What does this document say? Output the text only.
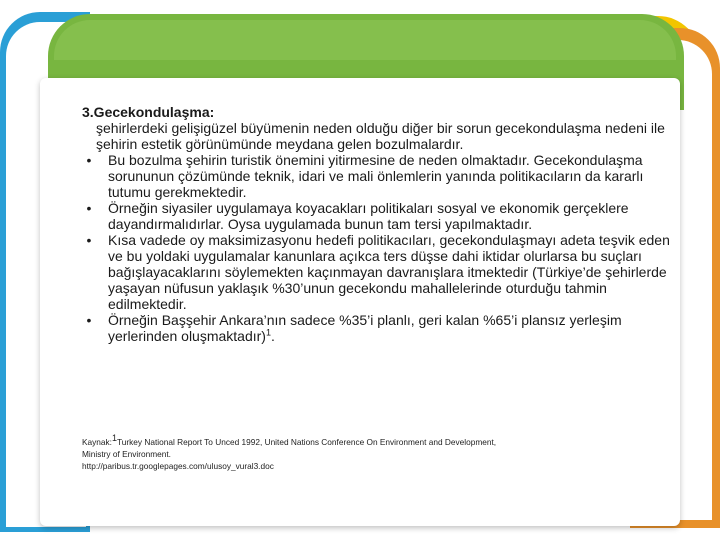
3.Gecekondulaşma:

şehirlerdeki gelişigüzel büyümenin neden olduğu diğer bir sorun gecekondulaşma nedeni ile şehirin estetik görünümünde meydana gelen bozulmalardır.

• Bu bozulma şehirin turistik önemini yitirmesine de neden olmaktadır. Gecekondulaşma sorununun çözümünde teknik, idari ve mali önlemlerin yanında politikacıların da kararlı tutumu gerekmektedir.
• Örneğin siyasiler uygulamaya koyacakları politikaları sosyal ve ekonomik gerçeklere dayandırmalıdırlar. Oysa uygulamada bunun tam tersi yapılmaktadır.
• Kısa vadede oy maksimizasyonu hedefi politikacıları, gecekondulaşmayı adeta teşvik eden ve bu yoldaki uygulamalar kanunlara açıkca ters düşse dahi iktidar olurlarsa bu suçları bağışlayacaklarını söylemekten kaçınmayan davranışlara itmektedir (Türkiye’de şehirlerde yaşayan nüfusun yaklaşık %30’unun gecekondu mahallelerinde oturduğu tahmin edilmektedir.
• Örneğin Başşehir Ankara’nın sadece %35’i planlı, geri kalan %65’i plansız yerleşim yerlerinden oluşmaktadır)$^1$.
Kaynak:$^1$Turkey National Report To Unced 1992, United Nations Conference On Environment and Development,
Ministry of Environment.
http://paribus.tr.googlepages.com/ulusoy_vural3.doc
